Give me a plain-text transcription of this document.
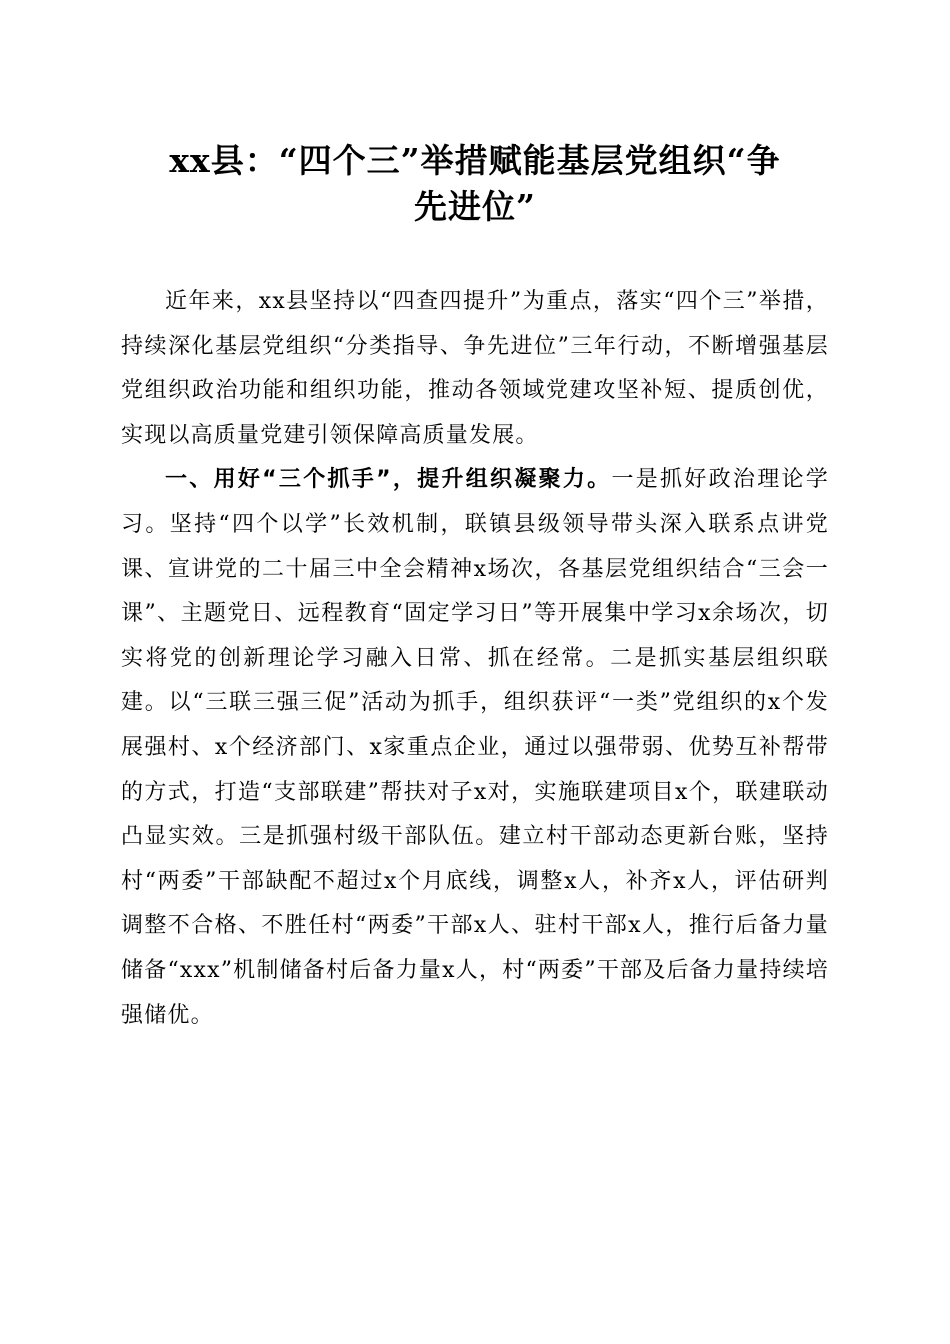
xx县：“四个三”举措赋能基层党组织“争
先进位”

近年来，xx县坚持以“四查四提升”为重点，落实“四个三”举措，持续深化基层党组织“分类指导、争先进位”三年行动，不断增强基层党组织政治功能和组织功能，推动各领域党建攻坚补短、提质创优，实现以高质量党建引领保障高质量发展。

一、用好“三个抓手”，提升组织凝聚力。一是抓好政治理论学习。坚持“四个以学”长效机制，联镇县级领导带头深入联系点讲党课、宣讲党的二十届三中全会精神x场次，各基层党组织结合“三会一课”、主题党日、远程教育“固定学习日”等开展集中学习x余场次，切实将党的创新理论学习融入日常、抓在经常。二是抓实基层组织联建。以“三联三强三促”活动为抓手，组织获评“一类”党组织的x个发展强村、x个经济部门、x家重点企业，通过以强带弱、优势互补帮带的方式，打造“支部联建”帮扶对子x对，实施联建项目x个，联建联动凸显实效。三是抓强村级干部队伍。建立村干部动态更新台账，坚持村“两委”干部缺配不超过x个月底线，调整x人，补齐x人，评估研判调整不合格、不胜任村“两委”干部x人、驻村干部x人，推行后备力量储备“xxx”机制储备村后备力量x人，村“两委”干部及后备力量持续培强储优。
